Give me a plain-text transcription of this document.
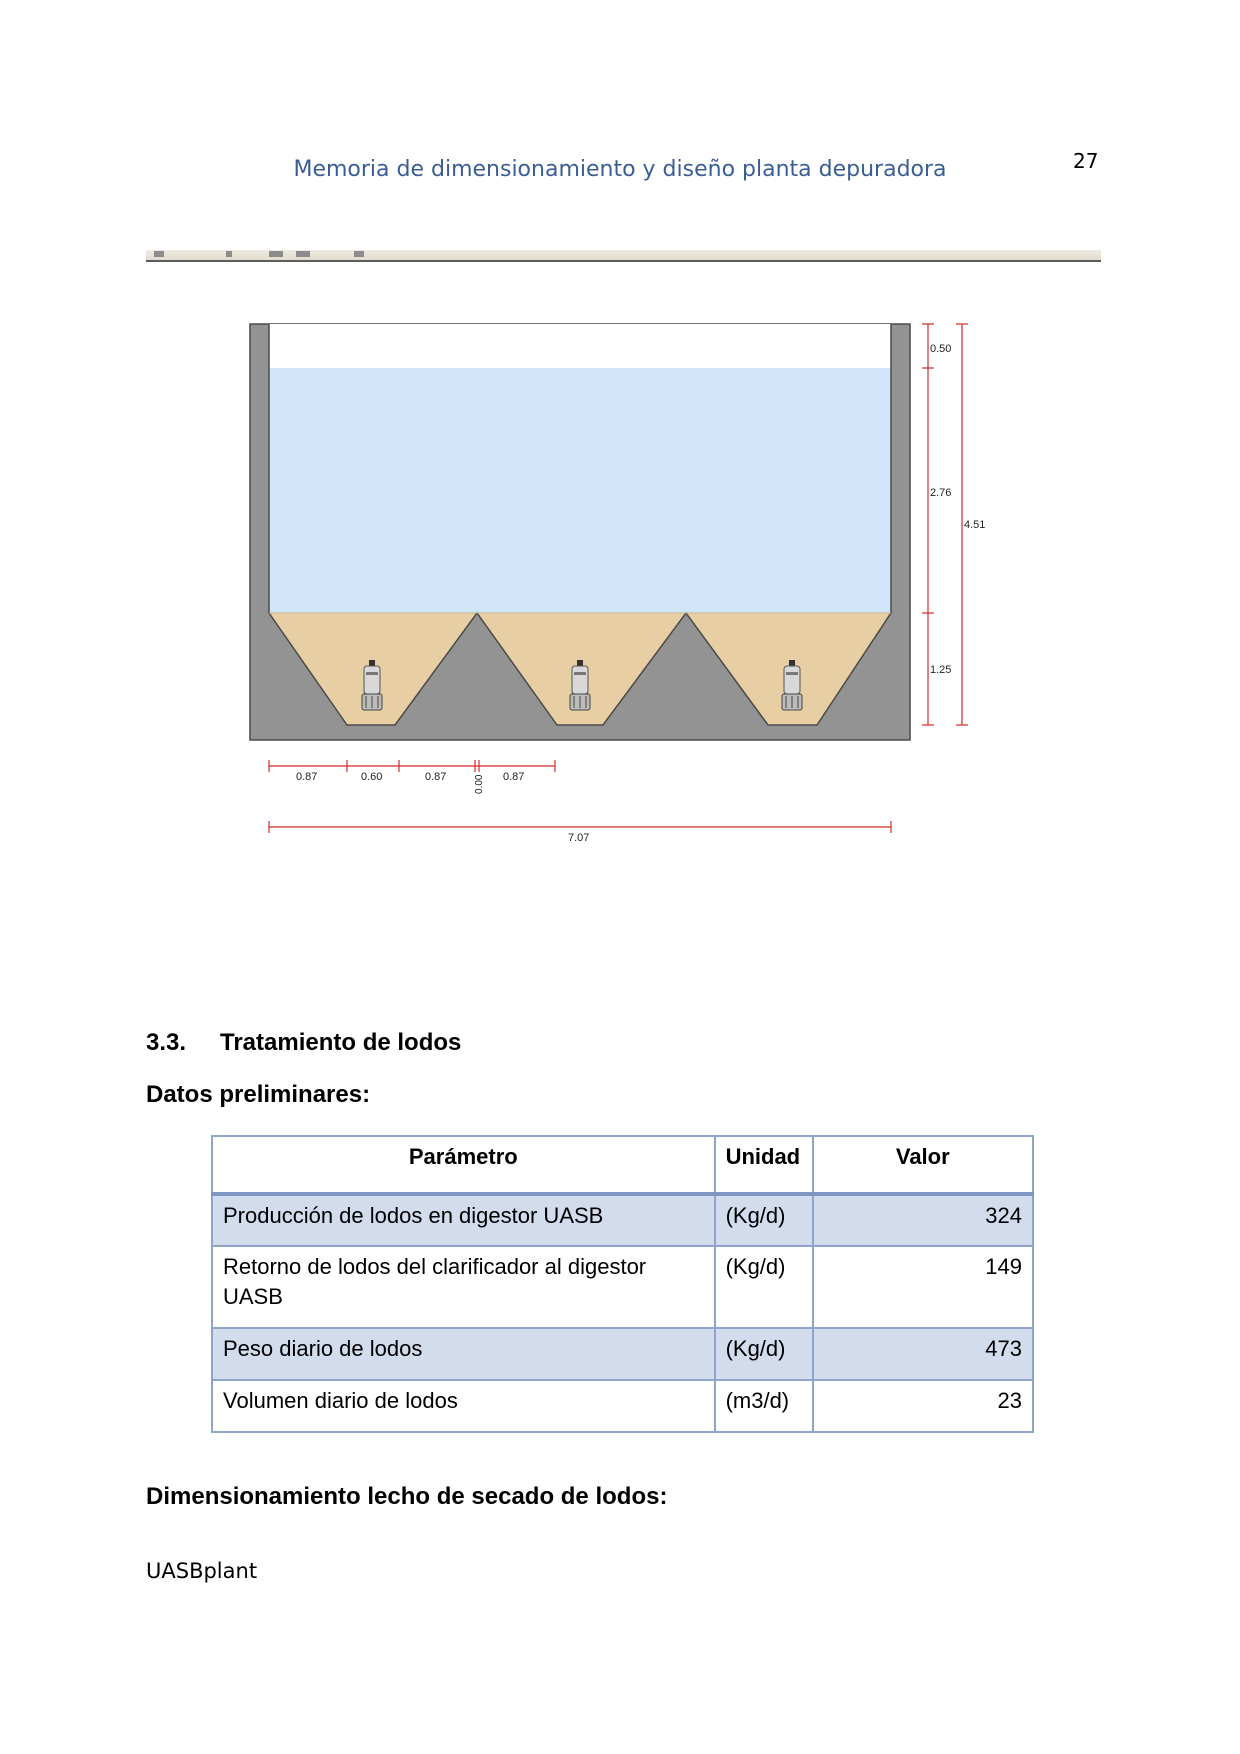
Memoria de dimensionamiento y diseño planta depuradora	27
0.50
2.76
1.25
4.51
0.87	0.60	0.87	0.00 0.87
7.07
3.3. Tratamiento de lodos
Datos preliminares:
Parámetro	Unidad	Valor
Producción de lodos en digestor UASB	(Kg/d)	324
Retorno de lodos del clarificador al digestor UASB	(Kg/d)	149
Peso diario de lodos	(Kg/d)	473
Volumen diario de lodos	(m3/d)	23
Dimensionamiento lecho de secado de lodos:
UASBplant
